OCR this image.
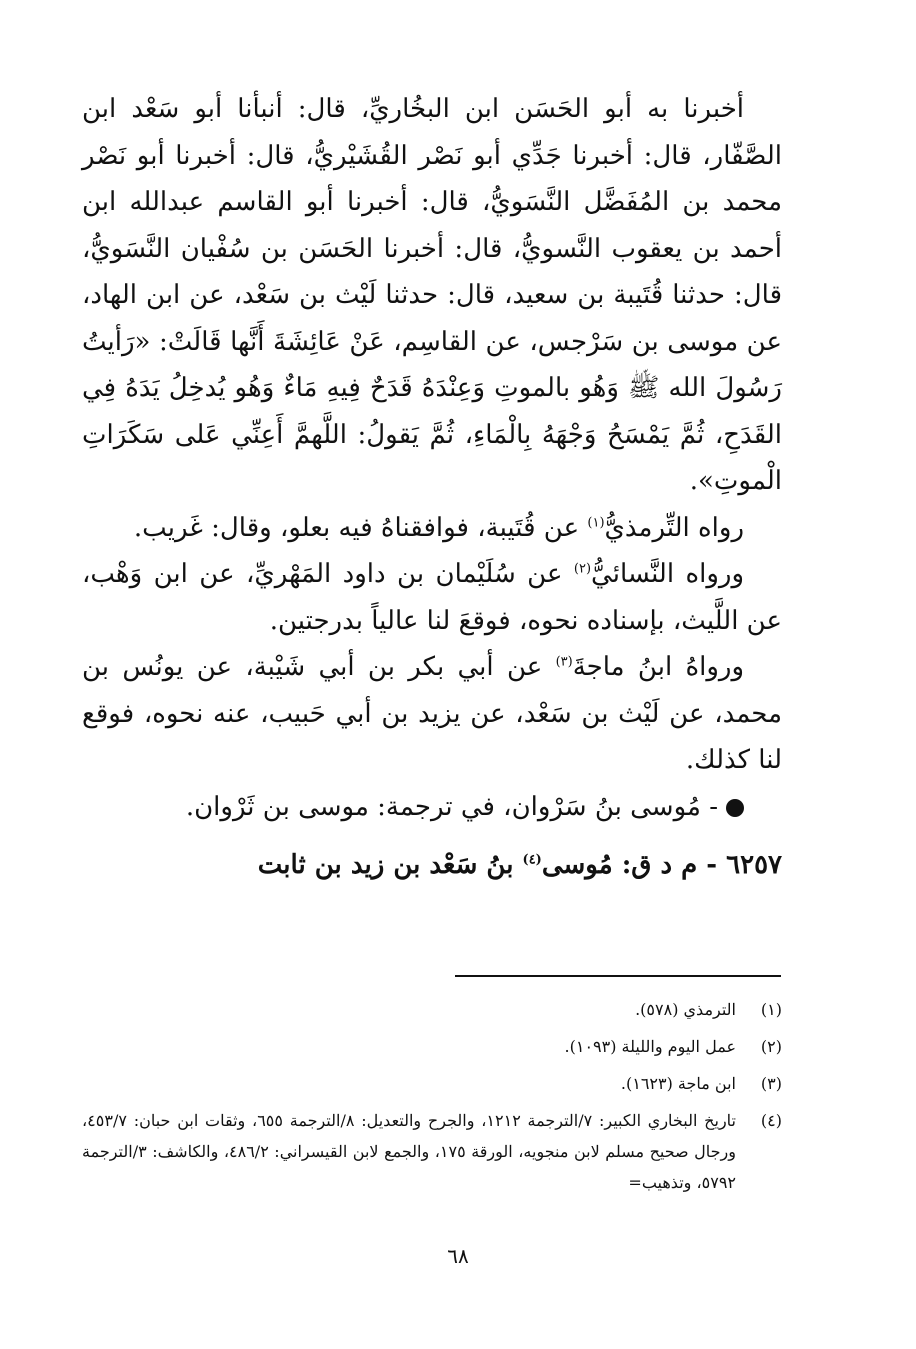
أخبرنا به أبو الحَسَن ابن البخُاريِّ، قال: أنبأنا أبو سَعْد ابن الصَّفّار، قال: أخبرنا جَدِّي أبو نَصْر القُشَيْريُّ، قال: أخبرنا أبو نَصْر محمد بن المُفَضَّل النَّسَويُّ، قال: أخبرنا أبو القاسم عبدالله ابن أحمد بن يعقوب النَّسويُّ، قال: أخبرنا الحَسَن بن سُفْيان النَّسَويُّ، قال: حدثنا قُتَيبة بن سعيد، قال: حدثنا لَيْث بن سَعْد، عن ابن الهاد، عن موسى بن سَرْجس، عن القاسِم، عَنْ عَائِشَةَ أَنَّها قَالَتْ: «رَأيتُ رَسُولَ الله ﷺ وَهُو بالموتِ وَعِنْدَهُ قَدَحٌ فِيهِ مَاءٌ وَهُو يُدخِلُ يَدَهُ فِي القَدَحِ، ثُمَّ يَمْسَحُ وَجْهَهُ بِالْمَاءِ، ثُمَّ يَقولُ: اللَّهمَّ أَعِنِّي عَلى سَكَرَاتِ الْموتِ».

رواه التِّرمذيُّ$^{(١)}$ عن قُتَيبة، فوافقناهُ فيه بعلو، وقال: غَريب.

ورواه النَّسائيُّ$^{(٢)}$ عن سُلَيْمان بن داود المَهْريِّ، عن ابن وَهْب، عن اللَّيث، بإسناده نحوه، فوقعَ لنا عالياً بدرجتين.

ورواهُ ابنُ ماجةَ$^{(٣)}$ عن أبي بكر بن أبي شَيْبة، عن يونُس بن محمد، عن لَيْث بن سَعْد، عن يزيد بن أبي حَبيب، عنه نحوه، فوقع لنا كذلك.

- مُوسى بنُ سَرْوان، في ترجمة: موسى بن ثَرْوان.

٦٢٥٧ - م د ق: مُوسى$^{(٤)}$ بنُ سَعْد بن زيد بن ثابت

(١)
الترمذي (٥٧٨).
(٢)
عمل اليوم والليلة (١٠٩٣).
(٣)
ابن ماجة (١٦٢٣).
(٤)
تاريخ البخاري الكبير: ٧/الترجمة ١٢١٢، والجرح والتعديل: ٨/الترجمة ٦٥٥، وثقات ابن حبان: ٤٥٣/٧، ورجال صحيح مسلم لابن منجويه، الورقة ١٧٥، والجمع لابن القيسراني: ٤٨٦/٢، والكاشف: ٣/الترجمة ٥٧٩٢، وتذهيب=
٦٨
